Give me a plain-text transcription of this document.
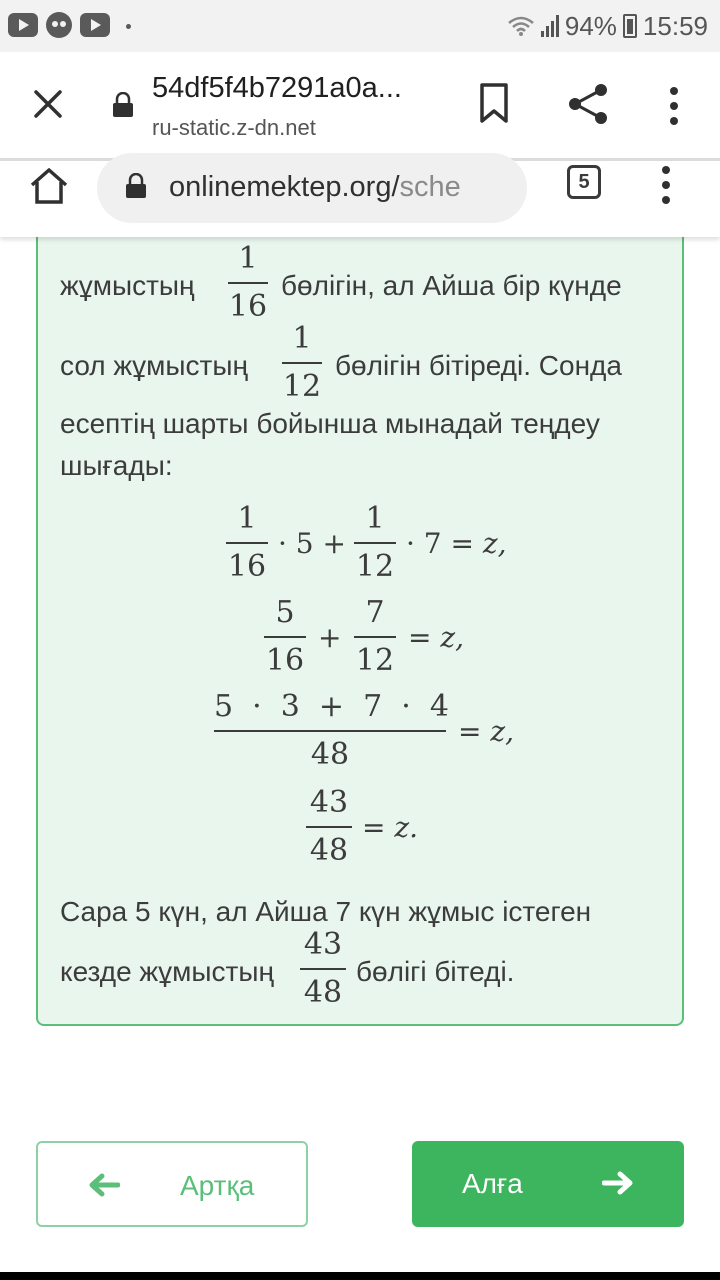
94% 15:59
54df5f4b7291a0a...
ru-static.z-dn.net
onlinemektep.org/sche	5
жұмыстың
1
16
бөлігін, ал Айша бір күнде
сол жұмыстың
1
12
бөлігін бітіреді. Сонда
есептің шарты бойынша мынадай теңдеу
шығады:
1
16
· 5 +
1
12
· 7 = z,
5
16
+
7
12
= z,
5  ·  3  +  7  ·  4
48
= z,
43
48
= z.
Сара 5 күн, ал Айша 7 күн жұмыс істеген
кезде жұмыстың
43
48
бөлігі бітеді.
Артқа	Алға
